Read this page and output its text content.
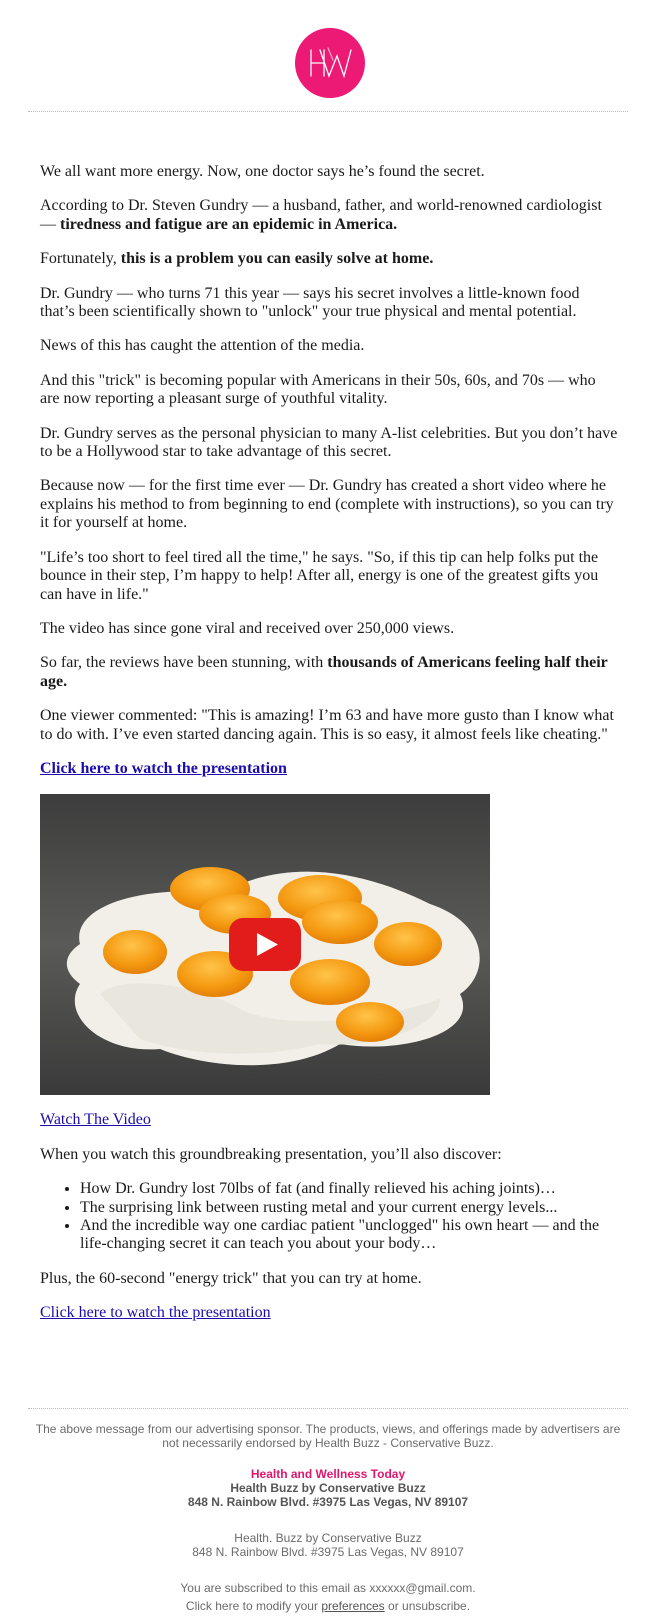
We all want more energy. Now, one doctor says he’s found the secret.

According to Dr. Steven Gundry — a husband, father, and world-renowned cardiologist — tiredness and fatigue are an epidemic in America.

Fortunately, this is a problem you can easily solve at home.

Dr. Gundry — who turns 71 this year — says his secret involves a little-known food that’s been scientifically shown to "unlock" your true physical and mental potential.

News of this has caught the attention of the media.

And this "trick" is becoming popular with Americans in their 50s, 60s, and 70s — who are now reporting a pleasant surge of youthful vitality.

Dr. Gundry serves as the personal physician to many A-list celebrities. But you don’t have to be a Hollywood star to take advantage of this secret.

Because now — for the first time ever — Dr. Gundry has created a short video where he explains his method to from beginning to end (complete with instructions), so you can try it for yourself at home.

"Life’s too short to feel tired all the time," he says. "So, if this tip can help folks put the bounce in their step, I’m happy to help! After all, energy is one of the greatest gifts you can have in life."

The video has since gone viral and received over 250,000 views.

So far, the reviews have been stunning, with thousands of Americans feeling half their age.

One viewer commented: "This is amazing! I’m 63 and have more gusto than I know what to do with. I’ve even started dancing again. This is so easy, it almost feels like cheating."

Click here to watch the presentation

Watch The Video

When you watch this groundbreaking presentation, you’ll also discover:

• How Dr. Gundry lost 70lbs of fat (and finally relieved his aching joints)…
• The surprising link between rusting metal and your current energy levels...
• And the incredible way one cardiac patient "unclogged" his own heart — and the life-changing secret it can teach you about your body…

Plus, the 60-second "energy trick" that you can try at home.

Click here to watch the presentation

The above message from our advertising sponsor. The products, views, and offerings made by advertisers are not necessarily endorsed by Health Buzz - Conservative Buzz.

Health and Wellness Today

Health Buzz by Conservative Buzz

848 N. Rainbow Blvd. #3975 Las Vegas, NV 89107

Health. Buzz by Conservative Buzz

848 N. Rainbow Blvd. #3975 Las Vegas, NV 89107

You are subscribed to this email as xxxxxx@gmail.com.

Click here to modify your preferences or unsubscribe.
